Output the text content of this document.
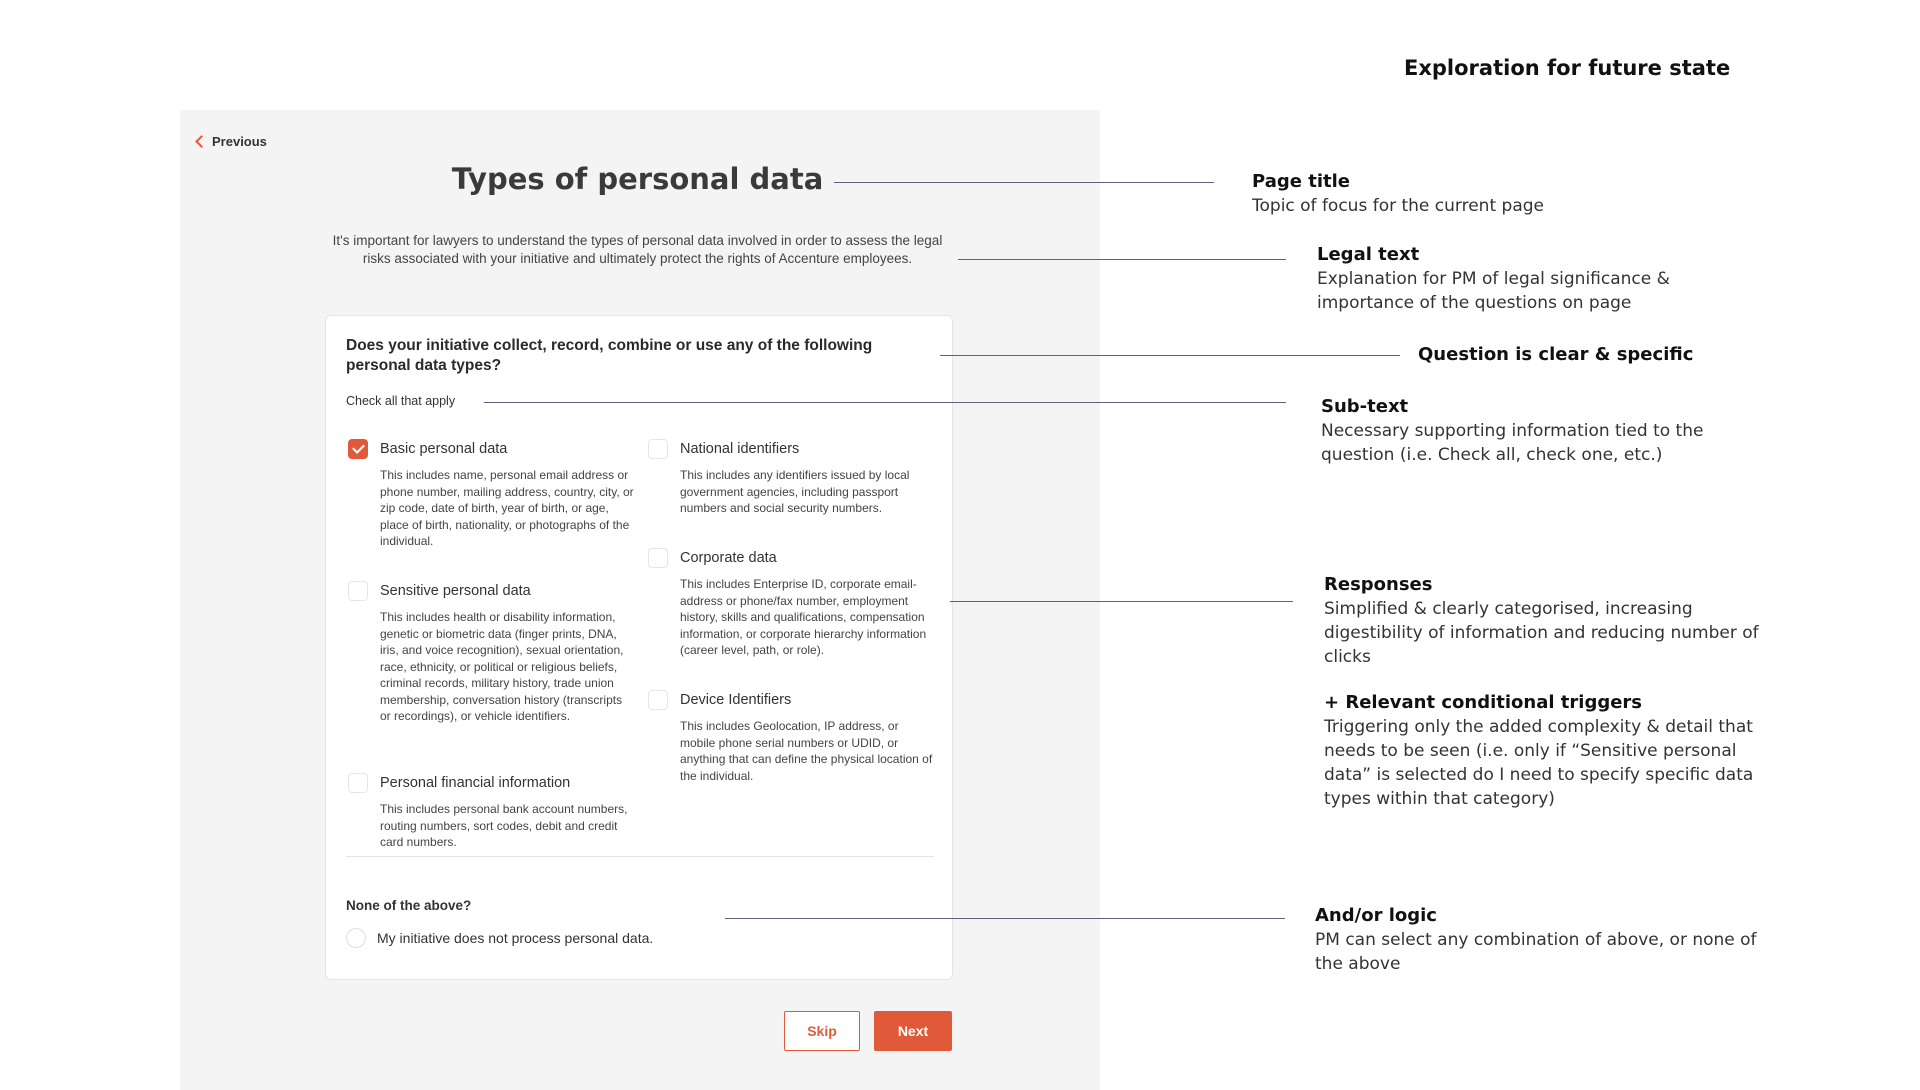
Exploration for future state
Previous
Types of personal data
It's important for lawyers to understand the types of personal data involved in order to assess the legal risks associated with your initiative and ultimately protect the rights of Accenture employees.
Does your initiative collect, record, combine or use any of the following personal data types?
Check all that apply
Basic personal data
This includes name, personal email address or phone number, mailing address, country, city, or zip code, date of birth, year of birth, or age, place of birth, nationality, or photographs of the individual.
Sensitive personal data
This includes health or disability information, genetic or biometric data (finger prints, DNA, iris, and voice recognition), sexual orientation, race, ethnicity, or political or religious beliefs, criminal records, military history, trade union membership, conversation history (transcripts or recordings), or vehicle identifiers.
Personal financial information
This includes personal bank account numbers, routing numbers, sort codes, debit and credit card numbers.
National identifiers
This includes any identifiers issued by local government agencies, including passport numbers and social security numbers.
Corporate data
This includes Enterprise ID, corporate email-address or phone/fax number, employment history, skills and qualifications, compensation information, or corporate hierarchy information (career level, path, or role).
Device Identifiers
This includes Geolocation, IP address, or mobile phone serial numbers or UDID, or anything that can define the physical location of the individual.
None of the above?
My initiative does not process personal data.
Skip	Next
Page title
Topic of focus for the current page
Legal text
Explanation for PM of legal significance & importance of the questions on page
Question is clear & specific
Sub-text
Necessary supporting information tied to the question (i.e. Check all, check one, etc.)
Responses
Simplified & clearly categorised, increasing digestibility of information and reducing number of clicks
+ Relevant conditional triggers
Triggering only the added complexity & detail that needs to be seen (i.e. only if “Sensitive personal data” is selected do I need to specify specific data types within that category)
And/or logic
PM can select any combination of above, or none of the above
